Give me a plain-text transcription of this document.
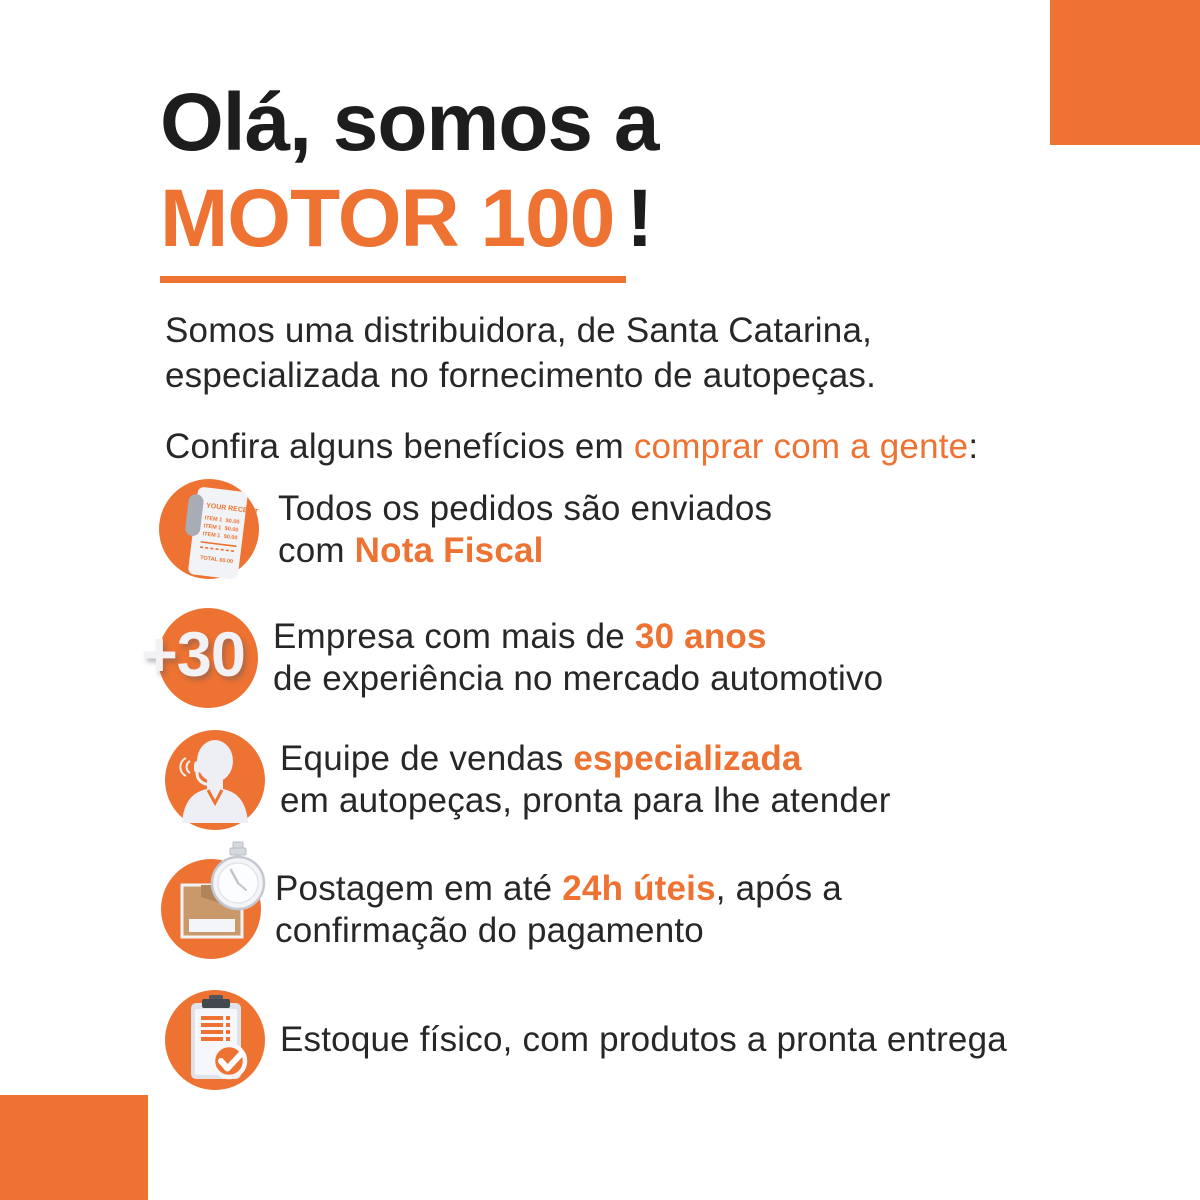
Olá, somos a
MOTOR 100 !

Somos uma distribuidora, de Santa Catarina,
especializada no fornecimento de autopeças.

Confira alguns benefícios em comprar com a gente:

YOUR RECEIPT
ITEM 1 $0.00
ITEM 1 $0.00
ITEM 1 $0.00
TOTAL $0.00
Todos os pedidos são enviados
com Nota Fiscal
+30 Empresa com mais de 30 anos
de experiência no mercado automotivo
Equipe de vendas especializada
em autopeças, pronta para lhe atender
Postagem em até 24h úteis, após a
confirmação do pagamento
Estoque físico, com produtos a pronta entrega
